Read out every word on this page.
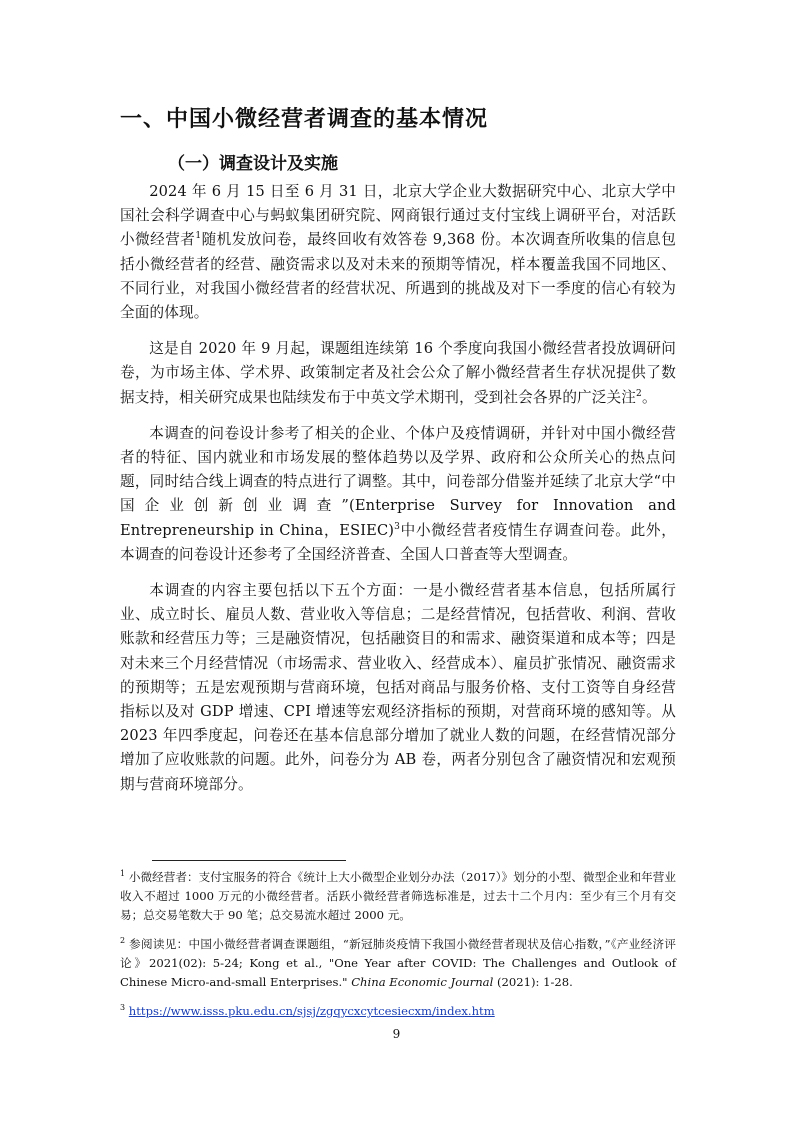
一、中国小微经营者调查的基本情况
（一）调查设计及实施

2024 年 6 月 15 日至 6 月 31 日，北京大学企业大数据研究中心、北京大学中国社会科学调查中心与蚂蚁集团研究院、网商银行通过支付宝线上调研平台，对活跃小微经营者$^1$随机发放问卷，最终回收有效答卷 9,368 份。本次调查所收集的信息包括小微经营者的经营、融资需求以及对未来的预期等情况，样本覆盖我国不同地区、不同行业，对我国小微经营者的经营状况、所遇到的挑战及对下一季度的信心有较为全面的体现。

这是自 2020 年 9 月起，课题组连续第 16 个季度向我国小微经营者投放调研问卷，为市场主体、学术界、政策制定者及社会公众了解小微经营者生存状况提供了数据支持，相关研究成果也陆续发布于中英文学术期刊，受到社会各界的广泛关注$^2$。

本调查的问卷设计参考了相关的企业、个体户及疫情调研，并针对中国小微经营者的特征、国内就业和市场发展的整体趋势以及学界、政府和公众所关心的热点问题，同时结合线上调查的特点进行了调整。其中，问卷部分借鉴并延续了北京大学“中国企业创新创业调查”(Enterprise Survey for Innovation and Entrepreneurship in China，ESIEC)$^3$中小微经营者疫情生存调查问卷。此外，本调查的问卷设计还参考了全国经济普查、全国人口普查等大型调查。

本调查的内容主要包括以下五个方面：一是小微经营者基本信息，包括所属行业、成立时长、雇员人数、营业收入等信息；二是经营情况，包括营收、利润、营收账款和经营压力等；三是融资情况，包括融资目的和需求、融资渠道和成本等；四是对未来三个月经营情况（市场需求、营业收入、经营成本）、雇员扩张情况、融资需求的预期等；五是宏观预期与营商环境，包括对商品与服务价格、支付工资等自身经营指标以及对 GDP 增速、CPI 增速等宏观经济指标的预期，对营商环境的感知等。从 2023 年四季度起，问卷还在基本信息部分增加了就业人数的问题，在经营情况部分增加了应收账款的问题。此外，问卷分为 AB 卷，两者分别包含了融资情况和宏观预期与营商环境部分。

$^1$ 小微经营者：支付宝服务的符合《统计上大小微型企业划分办法（2017）》划分的小型、微型企业和年营业收入不超过 1000 万元的小微经营者。活跃小微经营者筛选标准是，过去十二个月内：至少有三个月有交易；总交易笔数大于 90 笔；总交易流水超过 2000 元。

$^2$ 参阅读见：中国小微经营者调查课题组，“新冠肺炎疫情下我国小微经营者现状及信心指数，”《产业经济评论》2021(02): 5-24; Kong et al., "One Year after COVID: The Challenges and Outlook of Chinese Micro-and-small Enterprises." China Economic Journal (2021): 1-28.

$^3$ https://www.isss.pku.edu.cn/sjsj/zgqycxcytcesiecxm/index.htm

9
